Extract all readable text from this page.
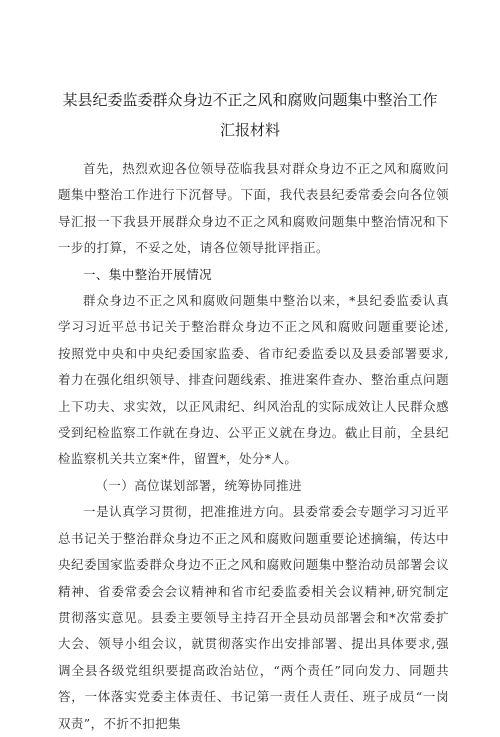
某县纪委监委群众身边不正之风和腐败问题集中整治工作汇报材料

首先，热烈欢迎各位领导莅临我县对群众身边不正之风和腐败问题集中整治工作进行下沉督导。下面，我代表县纪委常委会向各位领导汇报一下我县开展群众身边不正之风和腐败问题集中整治情况和下一步的打算，不妥之处，请各位领导批评指正。

一、集中整治开展情况

群众身边不正之风和腐败问题集中整治以来，*县纪委监委认真学习习近平总书记关于整治群众身边不正之风和腐败问题重要论述,按照党中央和中央纪委国家监委、省市纪委监委以及县委部署要求,着力在强化组织领导、排查问题线索、推进案件查办、整治重点问题上下功夫、求实效，以正风肃纪、纠风治乱的实际成效让人民群众感受到纪检监察工作就在身边、公平正义就在身边。截止目前，全县纪检监察机关共立案*件，留置*，处分*人。

（一）高位谋划部署，统筹协同推进

一是认真学习贯彻，把准推进方向。县委常委会专题学习习近平总书记关于整治群众身边不正之风和腐败问题重要论述摘编，传达中央纪委国家监委群众身边不正之风和腐败问题集中整治动员部署会议精神、省委常委会会议精神和省市纪委监委相关会议精神,研究制定贯彻落实意见。县委主要领导主持召开全县动员部署会和*次常委扩大会、领导小组会议，就贯彻落实作出安排部署、提出具体要求,强调全县各级党组织要提高政治站位，“两个责任”同向发力、同题共答，一体落实党委主体责任、书记第一责任人责任、班子成员“一岗双责”，不折不扣把集
